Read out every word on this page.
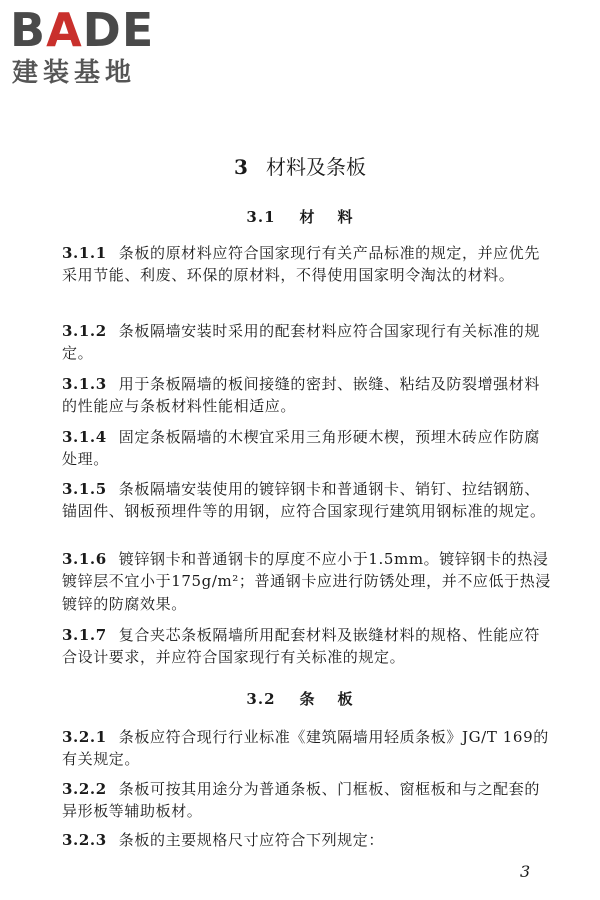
BADE
建装基地
3 材料及条板
3.1 材 料

3.1.1 条板的原材料应符合国家现行有关产品标准的规定，并应优先采用节能、利废、环保的原材料，不得使用国家明令淘汰的材料。

3.1.2 条板隔墙安装时采用的配套材料应符合国家现行有关标准的规定。

3.1.3 用于条板隔墙的板间接缝的密封、嵌缝、粘结及防裂增强材料的性能应与条板材料性能相适应。

3.1.4 固定条板隔墙的木楔宜采用三角形硬木楔，预埋木砖应作防腐处理。

3.1.5 条板隔墙安装使用的镀锌钢卡和普通钢卡、销钉、拉结钢筋、锚固件、钢板预埋件等的用钢，应符合国家现行建筑用钢标准的规定。

3.1.6 镀锌钢卡和普通钢卡的厚度不应小于1.5mm。镀锌钢卡的热浸镀锌层不宜小于175g/m²；普通钢卡应进行防锈处理，并不应低于热浸镀锌的防腐效果。

3.1.7 复合夹芯条板隔墙所用配套材料及嵌缝材料的规格、性能应符合设计要求，并应符合国家现行有关标准的规定。

3.2 条 板

3.2.1 条板应符合现行行业标准《建筑隔墙用轻质条板》JG/T 169的有关规定。

3.2.2 条板可按其用途分为普通条板、门框板、窗框板和与之配套的异形板等辅助板材。

3.2.3 条板的主要规格尺寸应符合下列规定：

3
